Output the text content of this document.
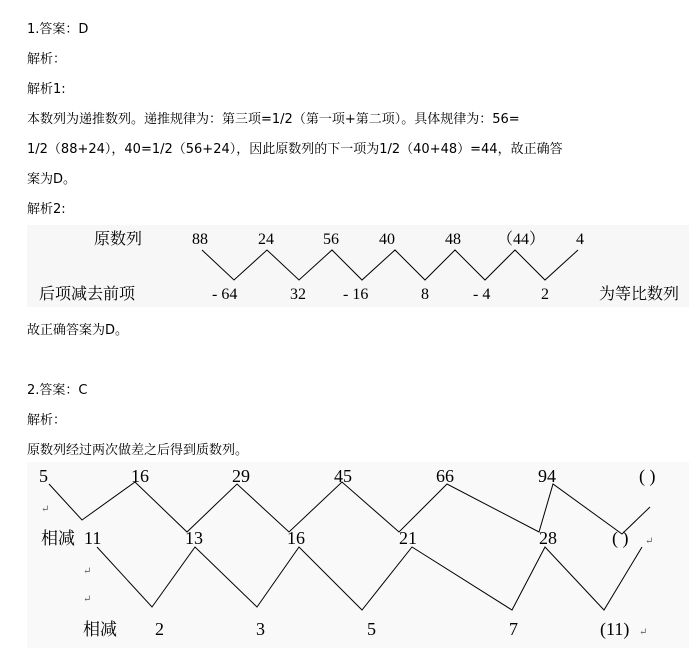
1.答案：D
解析：
解析1:
本数列为递推数列。递推规律为：第三项=1/2（第一项+第二项）。具体规律为：56=
1/2（88+24），40=1/2（56+24），因此原数列的下一项为1/2（40+48）=44，故正确答
案为D。
解析2:
原数列	88	24	56	40	48 （44） 4
后项减去前项	- 64	32 - 16	8	- 4	2	为等比数列
故正确答案为D。
2.答案：C
解析：
原数列经过两次做差之后得到质数列。
5	16	29	45	66	94	( )
↵
相减 11	13	16	21	28	( ) ↵
↵
↵
相减 2	3	5	7	(11) ↵
